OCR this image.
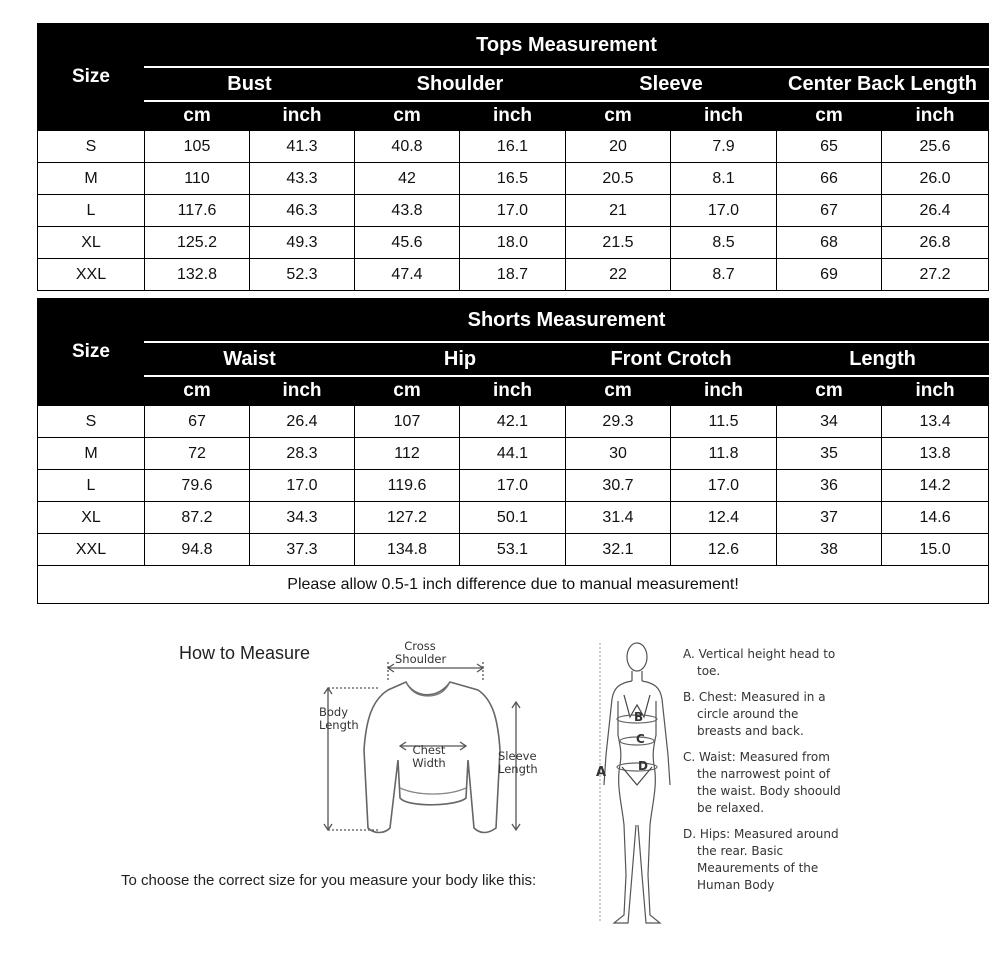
Size	Tops Measurement							
	Bust		Shoulder		Sleeve		Center Back Length	
	cm	inch	cm	inch	cm	inch	cm	inch
S	105	41.3	40.8	16.1	20	7.9	65	25.6
M	110	43.3	42	16.5	20.5	8.1	66	26.0
L	117.6	46.3	43.8	17.0	21	17.0	67	26.4
XL	125.2	49.3	45.6	18.0	21.5	8.5	68	26.8
XXL	132.8	52.3	47.4	18.7	22	8.7	69	27.2
Size	Shorts Measurement							
	Waist		Hip		Front Crotch		Length	
	cm	inch	cm	inch	cm	inch	cm	inch
S	67	26.4	107	42.1	29.3	11.5	34	13.4
M	72	28.3	112	44.1	30	11.8	35	13.8
L	79.6	17.0	119.6	17.0	30.7	17.0	36	14.2
XL	87.2	34.3	127.2	50.1	31.4	12.4	37	14.6
XXL	94.8	37.3	134.8	53.1	32.1	12.6	38	15.0
Please allow 0.5-1 inch difference due to manual measurement!								
How to Measure	Cross
Shoulder
Body
Length
Chest
Width	Sleeve
Length
To choose the correct size for you measure your body like this:
B
C
D
A

A. Vertical height head to toe.

B. Chest: Measured in a circle around the breasts and back.

C. Waist: Measured from the narrowest point of the waist. Body shoould be relaxed.

D. Hips: Measured around the rear. Basic Meaurements of the Human Body
